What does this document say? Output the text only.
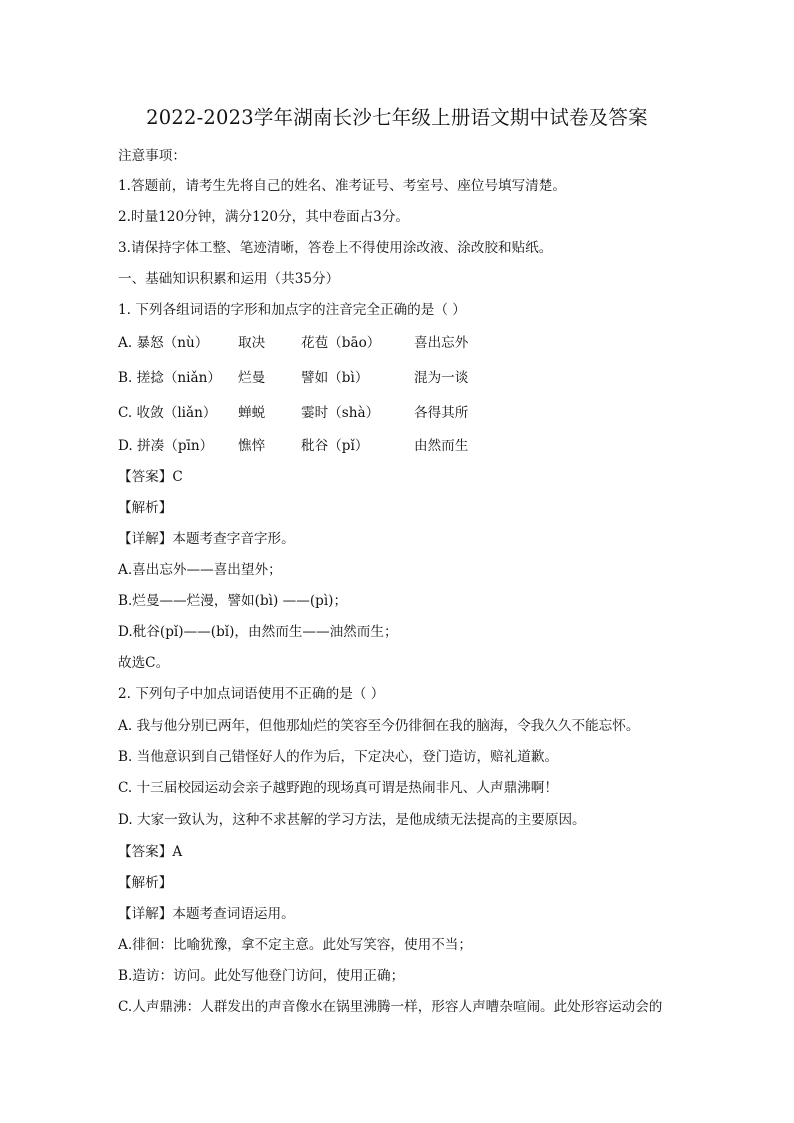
2022-2023学年湖南长沙七年级上册语文期中试卷及答案
注意事项：
1.答题前，请考生先将自己的姓名、准考证号、考室号、座位号填写清楚。
2.时量120分钟，满分120分，其中卷面占3分。
3.请保持字体工整、笔迹清晰，答卷上不得使用涂改液、涂改胶和贴纸。
一、基础知识积累和运用（共35分）
1. 下列各组词语的字形和加点字的注音完全正确的是（ ）
A. 暴怒（nù） 取决	花苞（bāo） 喜出忘外
B. 搓捻（niǎn） 烂曼	譬如（bì）	混为一谈
C. 收敛（liǎn） 蝉蜕	霎时（shà）	各得其所
D. 拼凑（pīn） 憔悴	秕谷（pǐ）	由然而生
【答案】C
【解析】
【详解】本题考查字音字形。
A.喜出忘外——喜出望外；
B.烂曼——烂漫，譬如(bì) ——(pì)；
D.秕谷(pǐ)——(bǐ)，由然而生——油然而生；
故选C。
2. 下列句子中加点词语使用不正确的是（ ）
A. 我与他分别已两年，但他那灿烂的笑容至今仍徘徊在我的脑海，令我久久不能忘怀。
B. 当他意识到自己错怪好人的作为后，下定决心，登门造访，赔礼道歉。
C. 十三届校园运动会亲子越野跑的现场真可谓是热闹非凡、人声鼎沸啊！
D. 大家一致认为，这种不求甚解的学习方法，是他成绩无法提高的主要原因。
【答案】A
【解析】
【详解】本题考查词语运用。
A.徘徊：比喻犹豫，拿不定主意。此处写笑容，使用不当；
B.造访：访问。此处写他登门访问，使用正确；
C.人声鼎沸：人群发出的声音像水在锅里沸腾一样，形容人声嘈杂喧闹。此处形容运动会的
